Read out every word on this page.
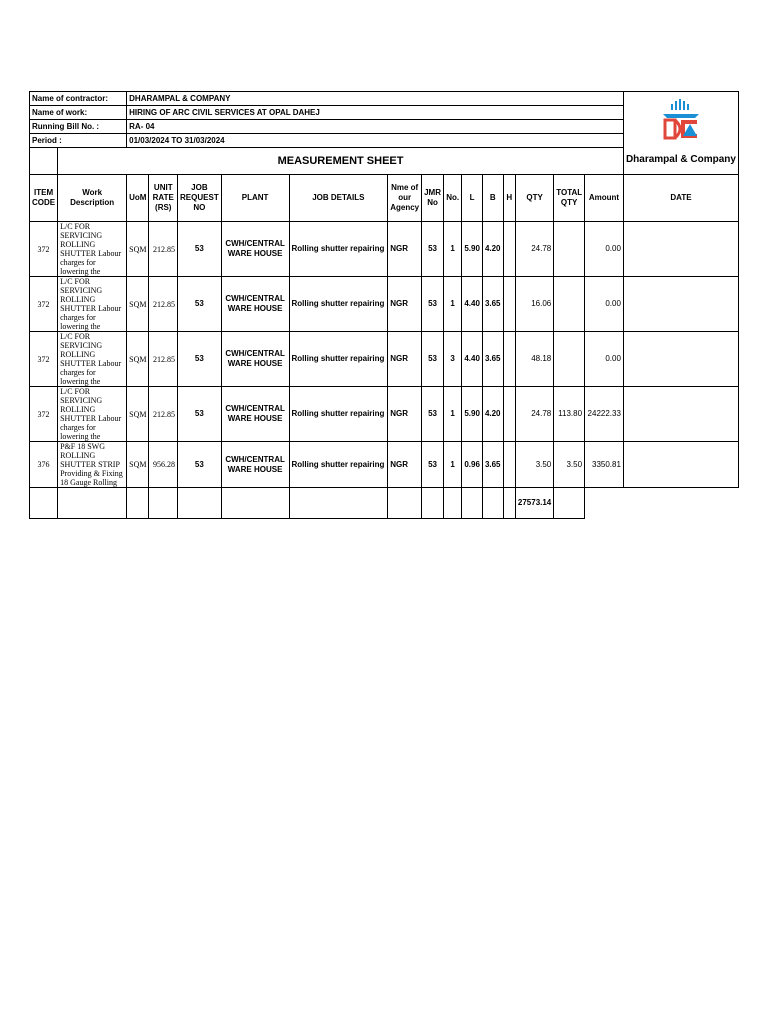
Name of contractor:		DHARAMPAL & COMPANY														Dharampal & Company

Name of work:		HIRING OF ARC CIVIL SERVICES AT OPAL DAHEJ														
Running Bill No. :		RA- 04														
Period :		01/03/2024 TO 31/03/2024														
	MEASUREMENT SHEET															
ITEM CODE	Work Description	UoM	UNIT RATE (RS)	JOB REQUEST NO	PLANT	JOB DETAILS	Nme of our Agency	JMR No	No.	L	B	H	QTY	TOTAL QTY	Amount	DATE
372	L/C FOR SERVICING ROLLING SHUTTER Labour charges for lowering the	SQM	212.85	53	CWH/CENTRAL WARE HOUSE	Rolling shutter repairing	NGR	53	1	5.90	4.20		24.78		0.00	
372	L/C FOR SERVICING ROLLING SHUTTER Labour charges for lowering the	SQM	212.85	53	CWH/CENTRAL WARE HOUSE	Rolling shutter repairing	NGR	53	1	4.40	3.65		16.06		0.00	
372	L/C FOR SERVICING ROLLING SHUTTER Labour charges for lowering the	SQM	212.85	53	CWH/CENTRAL WARE HOUSE	Rolling shutter repairing	NGR	53	3	4.40	3.65		48.18		0.00	
372	L/C FOR SERVICING ROLLING SHUTTER Labour charges for lowering the	SQM	212.85	53	CWH/CENTRAL WARE HOUSE	Rolling shutter repairing	NGR	53	1	5.90	4.20		24.78	113.80	24222.33	
376	P&F 18 SWG ROLLING SHUTTER STRIP Providing & Fixing 18 Gauge Rolling	SQM	956.28	53	CWH/CENTRAL WARE HOUSE	Rolling shutter repairing	NGR	53	1	0.96	3.65		3.50	3.50	3350.81	
													27573.14			
